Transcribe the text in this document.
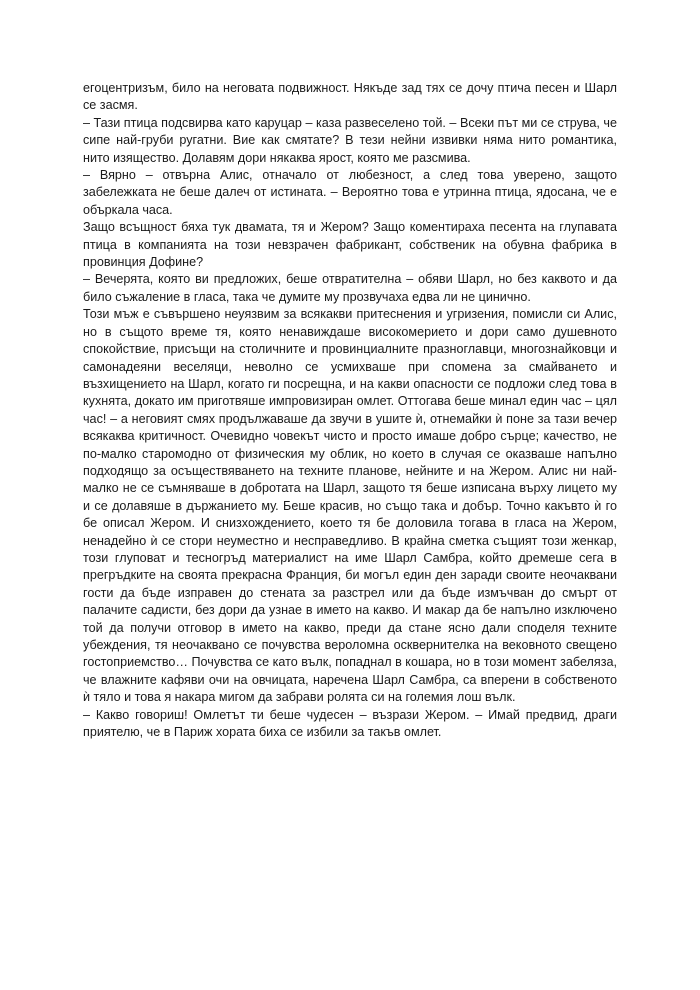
егоцентризъм, било на неговата подвижност. Някъде зад тях се дочу птича песен и Шарл се засмя.

– Тази птица подсвирва като каруцар – каза развеселено той. – Всеки път ми се струва, че сипе най-груби ругатни. Вие как смятате? В тези нейни извивки няма нито романтика, нито изящество. Долавям дори някаква ярост, която ме разсмива.

– Вярно – отвърна Алис, отначало от любезност, а след това уверено, защото забележката не беше далеч от истината. – Вероятно това е утринна птица, ядосана, че е объркала часа.

Защо всъщност бяха тук двамата, тя и Жером? Защо коментираха песента на глупавата птица в компанията на този невзрачен фабрикант, собственик на обувна фабрика в провинция Дофине?

– Вечерята, която ви предложих, беше отвратителна – обяви Шарл, но без каквото и да било съжаление в гласа, така че думите му прозвучаха едва ли не цинично.

Този мъж е съвършено неуязвим за всякакви притеснения и угризения, помисли си Алис, но в същото време тя, която ненавиждаше високомерието и дори само душевното спокойствие, присъщи на столичните и провинциалните празноглавци, многознайковци и самонадеяни веселяци, неволно се усмихваше при спомена за смайването и възхищението на Шарл, когато ги посрещна, и на какви опасности се подложи след това в кухнята, докато им приготвяше импровизиран омлет. Оттогава беше минал един час – цял час! – а неговият смях продължаваше да звучи в ушите ѝ, отнемайки ѝ поне за тази вечер всякаква критичност. Очевидно човекът чисто и просто имаше добро сърце; качество, не по-малко старомодно от физическия му облик, но което в случая се оказваше напълно подходящо за осъществяването на техните планове, нейните и на Жером. Алис ни най-малко не се съмняваше в добротата на Шарл, защото тя беше изписана върху лицето му и се долавяше в държанието му. Беше красив, но също така и добър. Точно какъвто ѝ го бе описал Жером. И снизхождението, което тя бе доловила тогава в гласа на Жером, ненадейно ѝ се стори неуместно и несправедливо. В крайна сметка същият този женкар, този глуповат и тесногръд материалист на име Шарл Самбра, който дремеше сега в прегръдките на своята прекрасна Франция, би могъл един ден заради своите неочаквани гости да бъде изправен до стената за разстрел или да бъде измъчван до смърт от палачите садисти, без дори да узнае в името на какво. И макар да бе напълно изключено той да получи отговор в името на какво, преди да стане ясно дали споделя техните убеждения, тя неочаквано се почувства вероломна осквернителка на вековното свещено гостоприемство… Почувства се като вълк, попаднал в кошара, но в този момент забеляза, че влажните кафяви очи на овчицата, наречена Шарл Самбра, са вперени в собственото ѝ тяло и това я накара мигом да забрави ролята си на големия лош вълк.

– Какво говориш! Омлетът ти беше чудесен – възрази Жером. – Имай предвид, драги приятелю, че в Париж хората биха се избили за такъв омлет.
